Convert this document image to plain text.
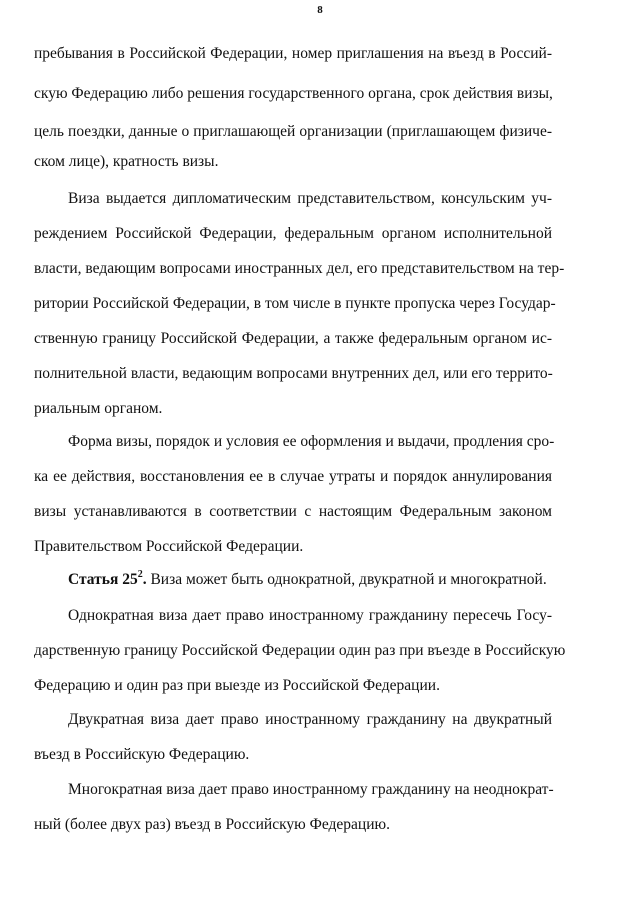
8
пребывания в Российской Федерации, номер приглашения на въезд в Россий-
скую Федерацию либо решения государственного органа, срок действия визы,
цель поездки, данные о приглашающей организации (приглашающем физиче-
ском лице), кратность визы.
Виза выдается дипломатическим представительством, консульским уч-
реждением Российской Федерации, федеральным органом исполнительной
власти, ведающим вопросами иностранных дел, его представительством на тер-
ритории Российской Федерации, в том числе в пункте пропуска через Государ-
ственную границу Российской Федерации, а также федеральным органом ис-
полнительной власти, ведающим вопросами внутренних дел, или его террито-
риальным органом.
Форма визы, порядок и условия ее оформления и выдачи, продления сро-
ка ее действия, восстановления ее в случае утраты и порядок аннулирования
визы устанавливаются в соответствии с настоящим Федеральным законом
Правительством Российской Федерации.
Статья $25^2$. Виза может быть однократной, двукратной и многократной.
Однократная виза дает право иностранному гражданину пересечь Госу-
дарственную границу Российской Федерации один раз при въезде в Российскую
Федерацию и один раз при выезде из Российской Федерации.
Двукратная виза дает право иностранному гражданину на двукратный
въезд в Российскую Федерацию.
Многократная виза дает право иностранному гражданину на неоднократ-
ный (более двух раз) въезд в Российскую Федерацию.
